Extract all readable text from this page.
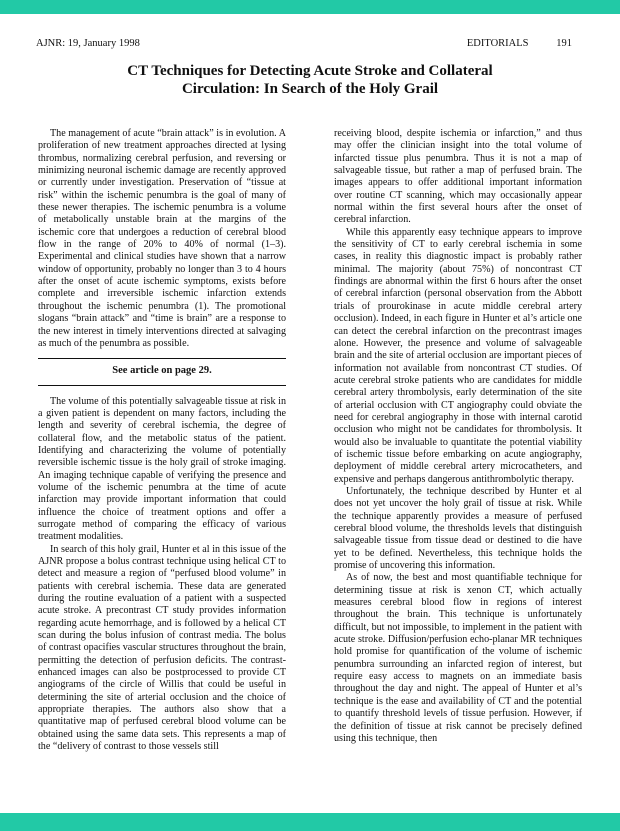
AJNR: 19, January 1998	EDITORIALS	191
CT Techniques for Detecting Acute Stroke and Collateral
Circulation: In Search of the Holy Grail

The management of acute “brain attack” is in evolution. A proliferation of new treatment approaches directed at lysing thrombus, normalizing cerebral perfusion, and reversing or minimizing neuronal ischemic damage are recently approved or currently under investigation. Preservation of “tissue at risk” within the ischemic penumbra is the goal of many of these newer therapies. The ischemic penumbra is a volume of metabolically unstable brain at the margins of the ischemic core that undergoes a reduction of cerebral blood flow in the range of 20% to 40% of normal (1–3). Experimental and clinical studies have shown that a narrow window of opportunity, probably no longer than 3 to 4 hours after the onset of acute ischemic symptoms, exists before complete and irreversible ischemic infarction extends throughout the ischemic penumbra (1). The promotional slogans “brain attack” and “time is brain” are a response to the new interest in timely interventions directed at salvaging as much of the penumbra as possible.

See article on page 29.

The volume of this potentially salvageable tissue at risk in a given patient is dependent on many factors, including the length and severity of cerebral ischemia, the degree of collateral flow, and the metabolic status of the patient. Identifying and characterizing the volume of potentially reversible ischemic tissue is the holy grail of stroke imaging. An imaging technique capable of verifying the presence and volume of the ischemic penumbra at the time of acute infarction may provide important information that could influence the choice of treatment options and offer a surrogate method of comparing the efficacy of various treatment modalities.

In search of this holy grail, Hunter et al in this issue of the AJNR propose a bolus contrast technique using helical CT to detect and measure a region of “perfused blood volume” in patients with cerebral ischemia. These data are generated during the routine evaluation of a patient with a suspected acute stroke. A precontrast CT study provides information regarding acute hemorrhage, and is followed by a helical CT scan during the bolus infusion of contrast media. The bolus of contrast opacifies vascular structures throughout the brain, permitting the detection of perfusion deficits. The contrast-enhanced images can also be postprocessed to provide CT angiograms of the circle of Willis that could be useful in determining the site of arterial occlusion and the choice of appropriate therapies. The authors also show that a quantitative map of perfused cerebral blood volume can be obtained using the same data sets. This represents a map of the “delivery of contrast to those vessels still

receiving blood, despite ischemia or infarction,” and thus may offer the clinician insight into the total volume of infarcted tissue plus penumbra. Thus it is not a map of salvageable tissue, but rather a map of perfused brain. The images appears to offer additional important information over routine CT scanning, which may occasionally appear normal within the first several hours after the onset of cerebral infarction.

While this apparently easy technique appears to improve the sensitivity of CT to early cerebral ischemia in some cases, in reality this diagnostic impact is probably rather minimal. The majority (about 75%) of noncontrast CT findings are abnormal within the first 6 hours after the onset of cerebral infarction (personal observation from the Abbott trials of prourokinase in acute middle cerebral artery occlusion). Indeed, in each figure in Hunter et al’s article one can detect the cerebral infarction on the precontrast images alone. However, the presence and volume of salvageable brain and the site of arterial occlusion are important pieces of information not available from noncontrast CT studies. Of acute cerebral stroke patients who are candidates for middle cerebral artery thrombolysis, early determination of the site of arterial occlusion with CT angiography could obviate the need for cerebral angiography in those with internal carotid occlusion who might not be candidates for thrombolysis. It would also be invaluable to quantitate the potential viability of ischemic tissue before embarking on acute angiography, deployment of middle cerebral artery microcatheters, and expensive and perhaps dangerous antithrombolytic therapy.

Unfortunately, the technique described by Hunter et al does not yet uncover the holy grail of tissue at risk. While the technique apparently provides a measure of perfused cerebral blood volume, the thresholds levels that distinguish salvageable tissue from tissue dead or destined to die have yet to be defined. Nevertheless, this technique holds the promise of uncovering this information.

As of now, the best and most quantifiable technique for determining tissue at risk is xenon CT, which actually measures cerebral blood flow in regions of interest throughout the brain. This technique is unfortunately difficult, but not impossible, to implement in the patient with acute stroke. Diffusion/perfusion echo-planar MR techniques hold promise for quantification of the volume of ischemic penumbra surrounding an infarcted region of interest, but require easy access to magnets on an immediate basis throughout the day and night. The appeal of Hunter et al’s technique is the ease and availability of CT and the potential to quantify threshold levels of tissue perfusion. However, if the definition of tissue at risk cannot be precisely defined using this technique, then
